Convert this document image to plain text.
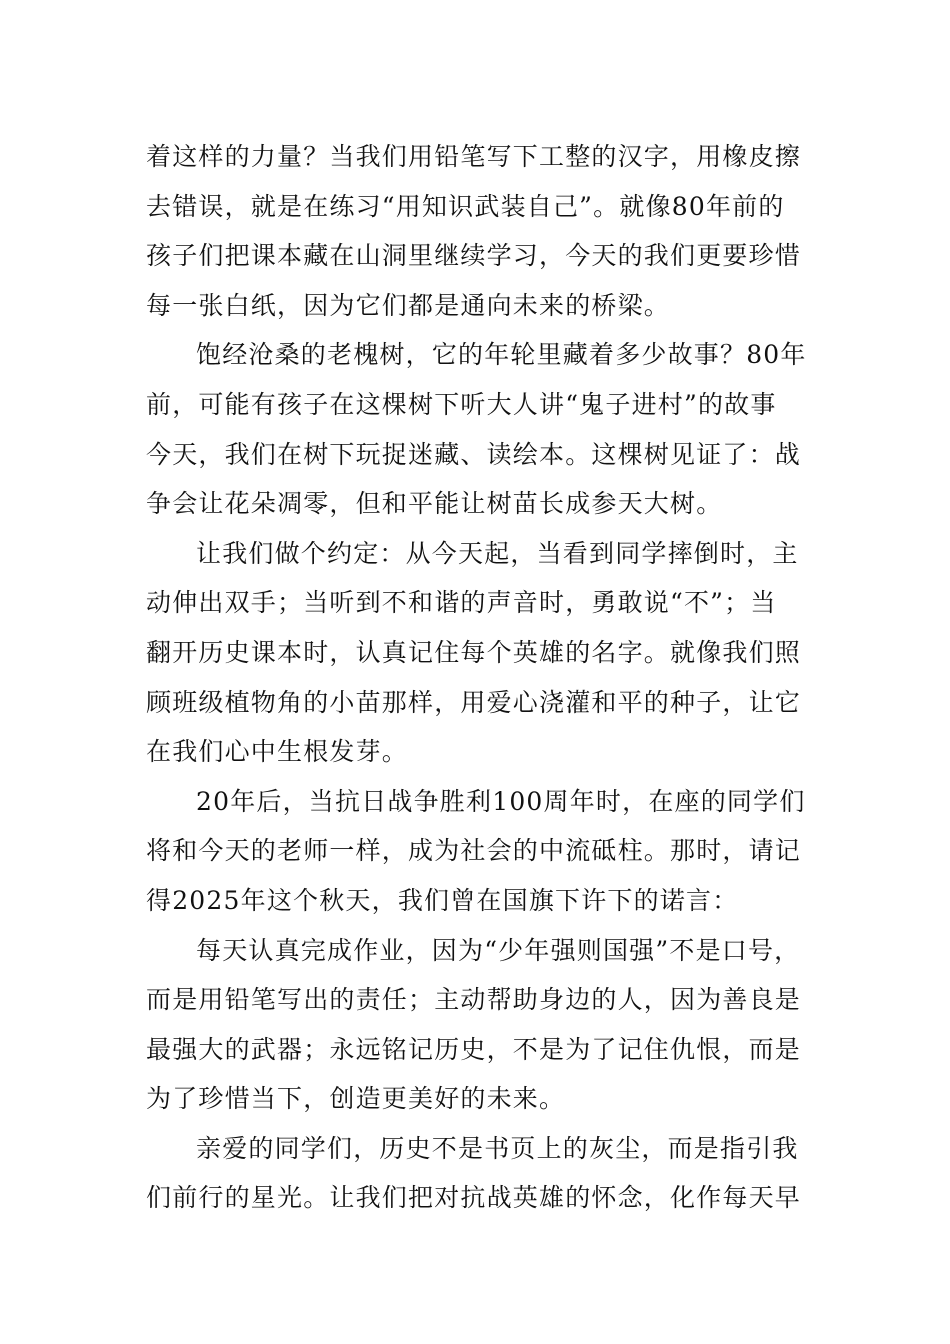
着这样的力量？当我们用铅笔写下工整的汉字，用橡皮擦
去错误，就是在练习“用知识武装自己”。就像80年前的
孩子们把课本藏在山洞里继续学习，今天的我们更要珍惜
每一张白纸，因为它们都是通向未来的桥梁。
饱经沧桑的老槐树，它的年轮里藏着多少故事？80年
前，可能有孩子在这棵树下听大人讲“鬼子进村”的故事
今天，我们在树下玩捉迷藏、读绘本。这棵树见证了：战
争会让花朵凋零，但和平能让树苗长成参天大树。
让我们做个约定：从今天起，当看到同学摔倒时，主
动伸出双手；当听到不和谐的声音时，勇敢说“不”；当
翻开历史课本时，认真记住每个英雄的名字。就像我们照
顾班级植物角的小苗那样，用爱心浇灌和平的种子，让它
在我们心中生根发芽。
20年后，当抗日战争胜利100周年时，在座的同学们
将和今天的老师一样，成为社会的中流砥柱。那时，请记
得2025年这个秋天，我们曾在国旗下许下的诺言：
每天认真完成作业，因为“少年强则国强”不是口号，
而是用铅笔写出的责任；主动帮助身边的人，因为善良是
最强大的武器；永远铭记历史，不是为了记住仇恨，而是
为了珍惜当下，创造更美好的未来。
亲爱的同学们，历史不是书页上的灰尘，而是指引我
们前行的星光。让我们把对抗战英雄的怀念，化作每天早
